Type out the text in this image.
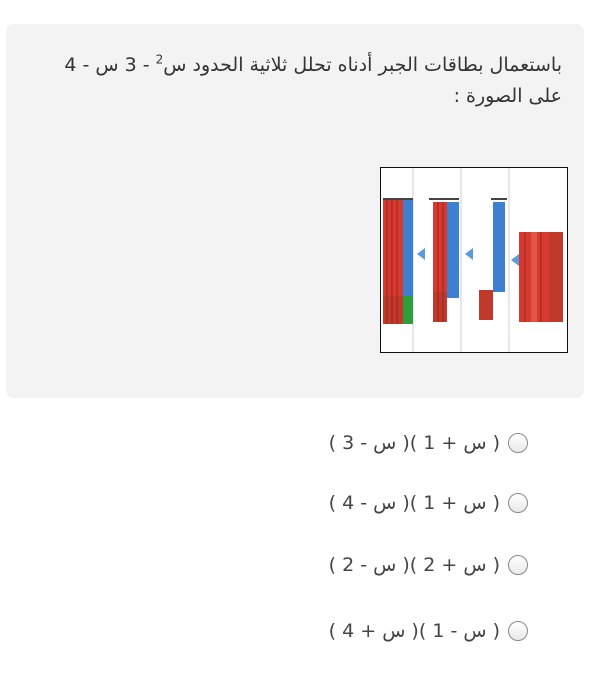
باستعمال بطاقات الجبر أدناه تحلل ثلاثية الحدود س$^2$ - 3 س - 4 على الصورة :
( س + 1 )( س - 3 )
( س + 1 )( س - 4 )
( س + 2 )( س - 2 )
( س - 1 )( س + 4 )
